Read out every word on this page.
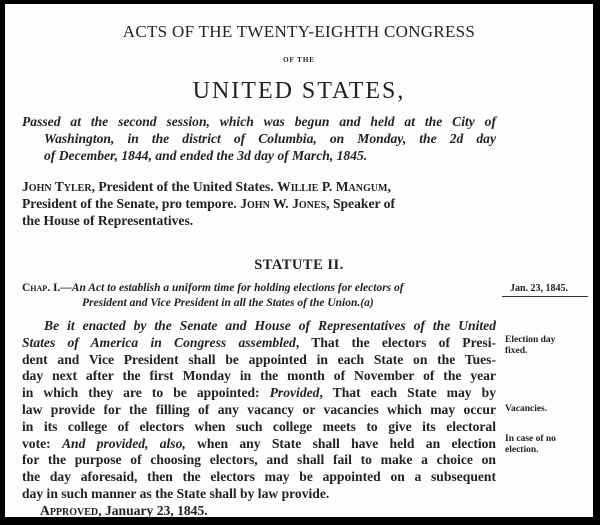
ACTS OF THE TWENTY-EIGHTH CONGRESS
OF THE
UNITED STATES,
Passed at the second session, which was begun and held at the City of
Washington, in the district of Columbia, on Monday, the 2d day
of December, 1844, and ended the 3d day of March, 1845.
John Tyler, President of the United States. Willie P. Mangum,
President of the Senate, pro tempore. John W. Jones, Speaker of
the House of Representatives.
STATUTE II.
Chap. I.—An Act to establish a uniform time for holding elections for electors of
President and Vice President in all the States of the Union.(a)
Jan. 23, 1845.
Be it enacted by the Senate and House of Representatives of the United
States of America in Congress assembled, That the electors of Presi-
dent and Vice President shall be appointed in each State on the Tues-
day next after the first Monday in the month of November of the year
in which they are to be appointed: Provided, That each State may by
law provide for the filling of any vacancy or vacancies which may occur
in its college of electors when such college meets to give its electoral
vote: And provided, also, when any State shall have held an election
for the purpose of choosing electors, and shall fail to make a choice on
the day aforesaid, then the electors may be appointed on a subsequent
day in such manner as the State shall by law provide.
Approved, January 23, 1845.
Election day
fixed.
Vacancies.
In case of no
election.
